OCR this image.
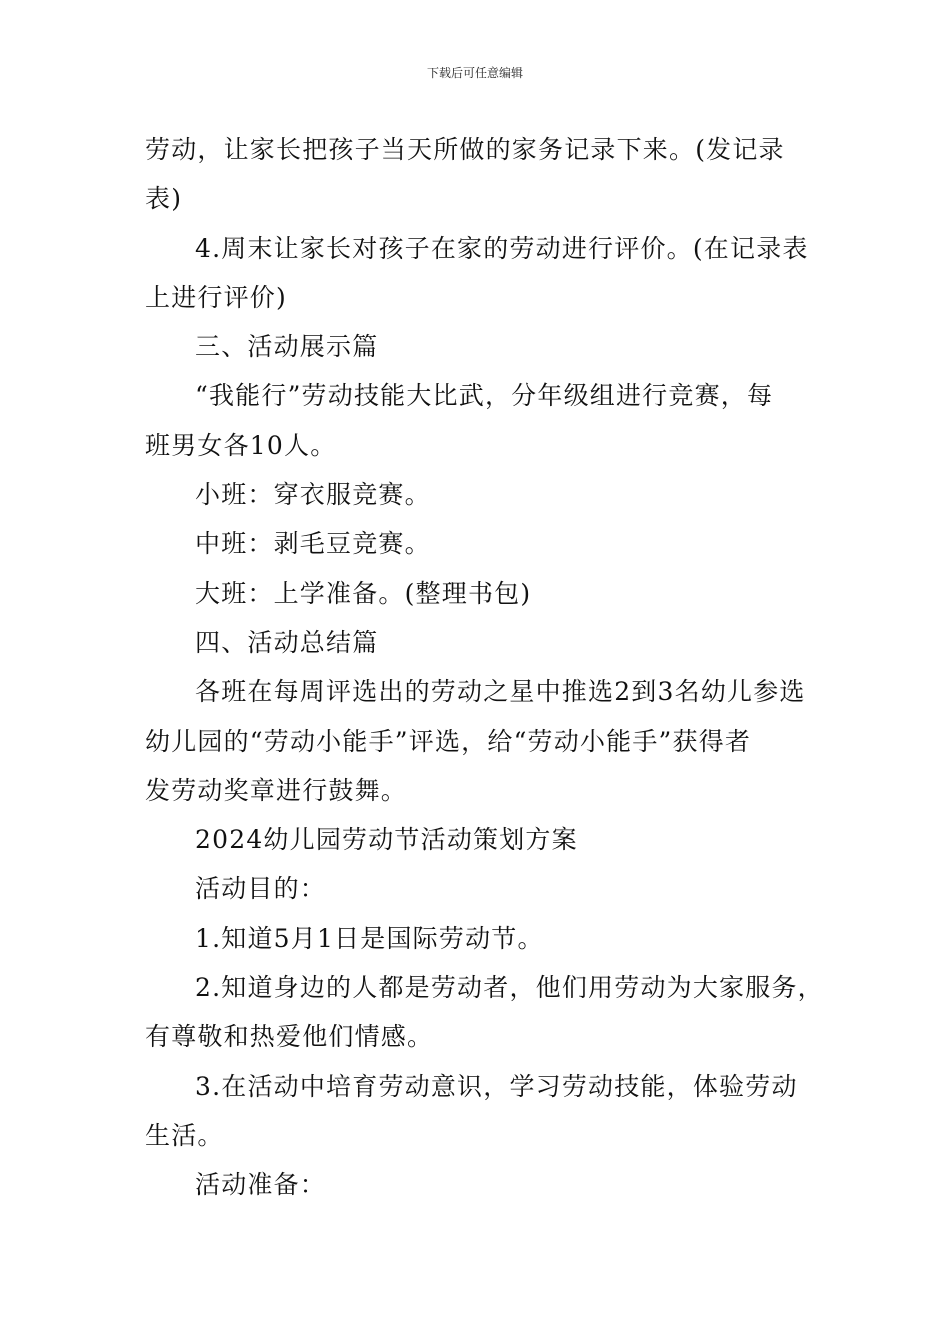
下载后可任意编辑

劳动，让家长把孩子当天所做的家务记录下来。(发记录

表)

4.周末让家长对孩子在家的劳动进行评价。(在记录表

上进行评价)

三、活动展示篇

“我能行”劳动技能大比武，分年级组进行竞赛，每

班男女各10人。

小班：穿衣服竞赛。

中班：剥毛豆竞赛。

大班：上学准备。(整理书包)

四、活动总结篇

各班在每周评选出的劳动之星中推选2到3名幼儿参选

幼儿园的“劳动小能手”评选，给“劳动小能手”获得者

发劳动奖章进行鼓舞。

2024幼儿园劳动节活动策划方案

活动目的：

1.知道5月1日是国际劳动节。

2.知道身边的人都是劳动者，他们用劳动为大家服务，

有尊敬和热爱他们情感。

3.在活动中培育劳动意识，学习劳动技能，体验劳动

生活。

活动准备：
